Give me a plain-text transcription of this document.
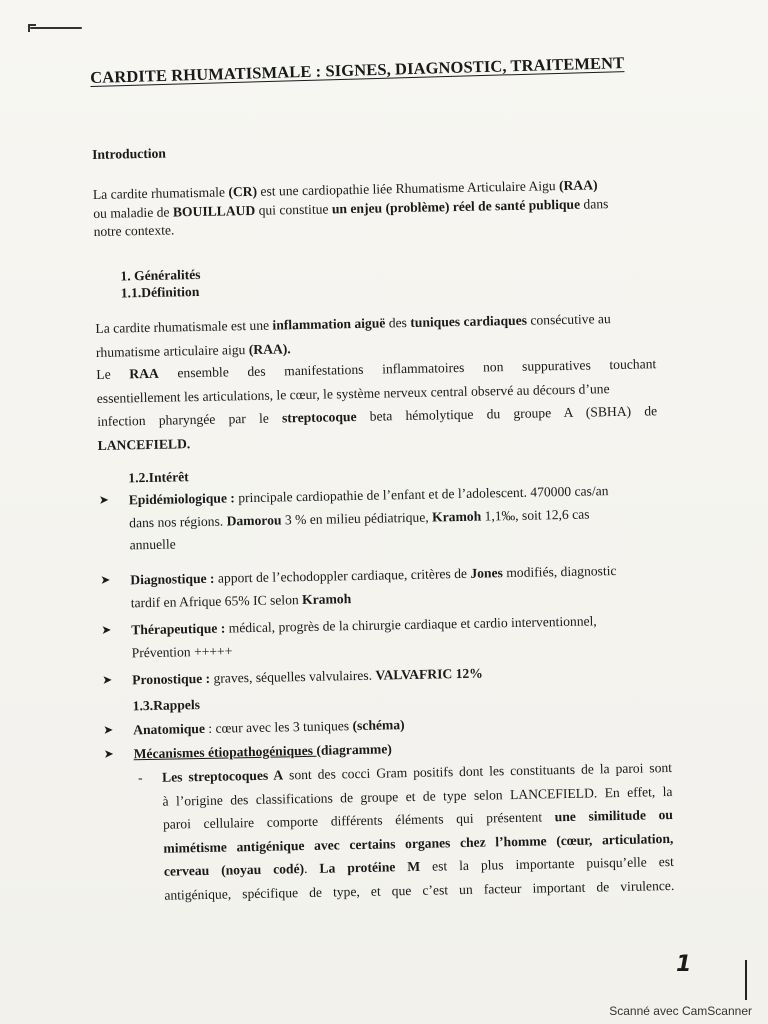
CARDITE RHUMATISMALE : SIGNES, DIAGNOSTIC, TRAITEMENT
Introduction
La cardite rhumatismale (CR) est une cardiopathie liée Rhumatisme Articulaire Aigu (RAA)
ou maladie de BOUILLAUD qui constitue un enjeu (problème) réel de santé publique dans
notre contexte.
1. Généralités
1.1.Définition
La cardite rhumatismale est une inflammation aiguë des tuniques cardiaques consécutive au
rhumatisme articulaire aigu (RAA).
Le RAA ensemble des manifestations inflammatoires non suppuratives touchant
essentiellement les articulations, le cœur, le système nerveux central observé au décours d’une
infection pharyngée par le streptocoque beta hémolytique du groupe A (SBHA) de
LANCEFIELD.
1.2.Intérêt
➤ Epidémiologique : principale cardiopathie de l’enfant et de l’adolescent. 470000 cas/an
dans nos régions. Damorou 3 % en milieu pédiatrique, Kramoh 1,1‰, soit 12,6 cas
annuelle
➤ Diagnostique : apport de l’echodoppler cardiaque, critères de Jones modifiés, diagnostic
tardif en Afrique 65% IC selon Kramoh
➤ Thérapeutique : médical, progrès de la chirurgie cardiaque et cardio interventionnel,
Prévention +++++
➤ Pronostique : graves, séquelles valvulaires. VALVAFRIC 12%
1.3.Rappels
➤ Anatomique : cœur avec les 3 tuniques (schéma)
➤ Mécanismes étiopathogéniques (diagramme)
- Les streptocoques A sont des cocci Gram positifs dont les constituants de la paroi sont
à l’origine des classifications de groupe et de type selon LANCEFIELD. En effet, la
paroi cellulaire comporte différents éléments qui présentent une similitude ou
mimétisme antigénique avec certains organes chez l’homme (cœur, articulation,
cerveau (noyau codé). La protéine M est la plus importante puisqu’elle est
antigénique, spécifique de type, et que c’est un facteur important de virulence.
1
Scanné avec CamScanner
